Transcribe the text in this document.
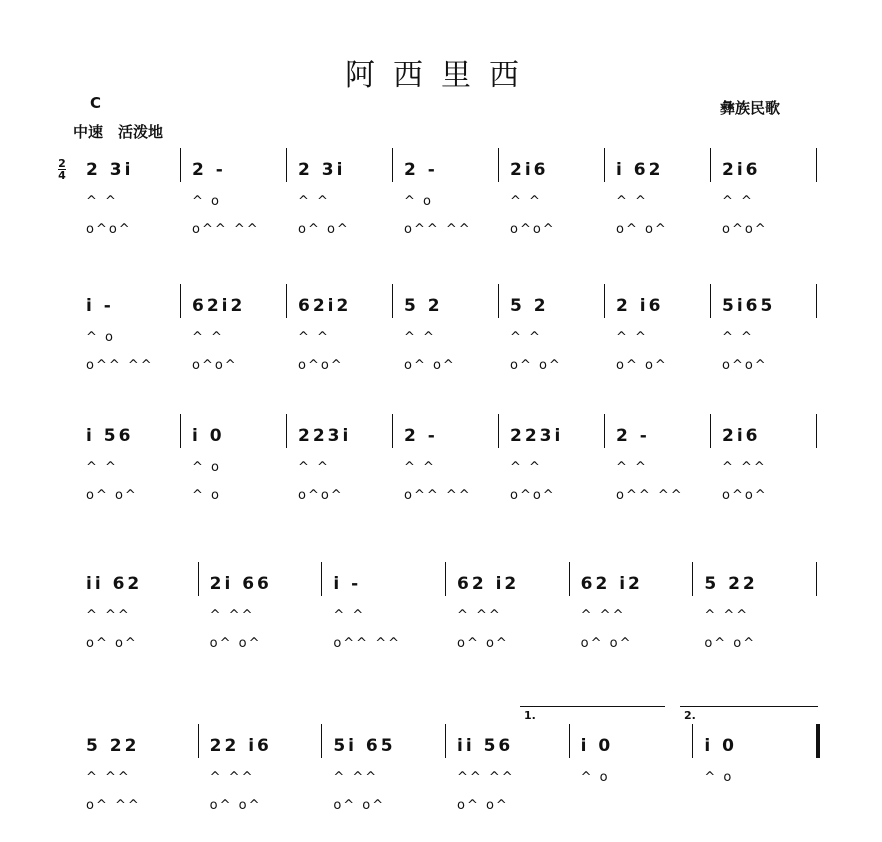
阿西里西
C
中速　活泼地
彝族民歌
2
4 2 3i
^ ^
o^o^
2 -
^ o
o^^ ^^
2 3i
^ ^
o^ o^
2 -
^ o
o^^ ^^
2i6
^ ^
o^o^
i 62
^ ^
o^ o^
2i6
^ ^
o^o^
i -
^ o
o^^ ^^
62i2
^ ^
o^o^
62i2
^ ^
o^o^
5 2
^ ^
o^ o^
5 2
^ ^
o^ o^
2 i6
^ ^
o^ o^
5i65
^ ^
o^o^
i 56
^ ^
o^ o^
i 0
^ o
^ o
223i
^ ^
o^o^
2 -
^ ^
o^^ ^^
223i
^ ^
o^o^
2 -
^ ^
o^^ ^^
2i6
^ ^^
o^o^
ii 62
^ ^^
o^ o^
2i 66
^ ^^
o^ o^
i -
^ ^
o^^ ^^
62 i2
^ ^^
o^ o^
62 i2
^ ^^
o^ o^
5 22
^ ^^
o^ o^
5 22
^ ^^
o^ ^^
22 i6
^ ^^
o^ o^
5i 65
^ ^^
o^ o^
ii 56
^^ ^^
o^ o^
i 0
^ o
i 0
^ o
1.	2.
